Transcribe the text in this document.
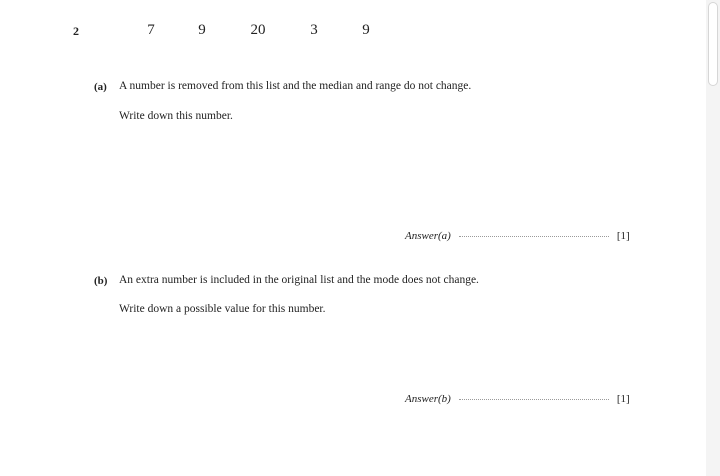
2	7	9	20	3	9
(a) A number is removed from this list and the median and range do not change.
Write down this number.
Answer(a)	[1]
(b) An extra number is included in the original list and the mode does not change.
Write down a possible value for this number.
Answer(b)	[1]
